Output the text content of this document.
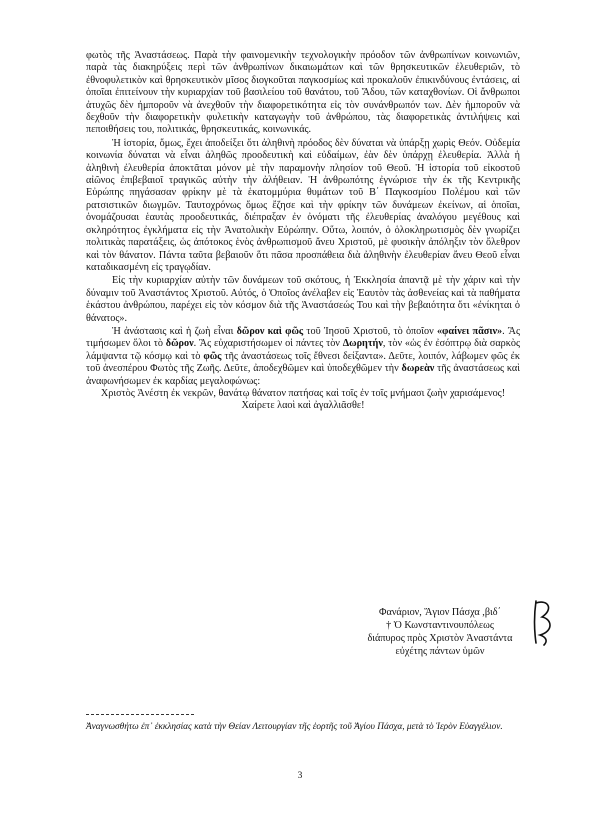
φωτὸς τῆς Ἀναστάσεως. Παρὰ τὴν φαινομενικὴν τεχνολογικὴν πρόοδον τῶν ἀνθρωπίνων κοινωνιῶν, παρὰ τὰς διακηρύξεις περὶ τῶν ἀνθρωπίνων δικαιωμάτων καὶ τῶν θρησκευτικῶν ἐλευθεριῶν, τὸ ἐθνοφυλετικὸν καὶ θρησκευτικὸν μῖσος διογκοῦται παγκοσμίως καὶ προκαλοῦν ἐπικινδύνους ἐντάσεις, αἱ ὁποῖαι ἐπιτείνουν τὴν κυριαρχίαν τοῦ βασιλείου τοῦ θανάτου, τοῦ Ἅδου, τῶν καταχθονίων. Οἱ ἄνθρωποι ἀτυχῶς δὲν ἠμπορoῦν νὰ ἀνεχθοῦν τὴν διαφορετικότητα εἰς τὸν συνάνθρωπόν των. Δὲν ἠμποροῦν νὰ δεχθοῦν τὴν διαφορετικὴν φυλετικὴν καταγωγὴν τοῦ ἀνθρώπου, τὰς διαφορετικὰς ἀντιλήψεις καὶ πεποιθήσεις του, πολιτικάς, θρησκευτικάς, κοινωνικάς.

Ἡ ἱστορία, ὅμως, ἔχει ἀποδείξει ὅτι ἀληθινὴ πρόοδος δὲν δύναται νὰ ὑπάρξῃ χωρὶς Θεόν. Οὐδεμία κοινωνία δύναται νὰ εἶναι ἀληθῶς προοδευτικὴ καὶ εὐδαίμων, ἐὰν δὲν ὑπάρχῃ ἐλευθερία. Ἀλλὰ ἡ ἀληθινὴ ἐλευθερία ἀποκτᾶται μόνον μὲ τὴν παραμονὴν πλησίον τοῦ Θεοῦ. Ἡ ἱστορία τοῦ εἰκοστοῦ αἰῶνος ἐπιβεβαιοῖ τραγικῶς αὐτὴν τὴν ἀλήθειαν. Ἡ ἀνθρωπότης ἐγνώρισε τὴν ἐκ τῆς Κεντρικῆς Εὐρώπης πηγάσασαν φρίκην μὲ τὰ ἑκατομμύρια θυμάτων τοῦ Β΄ Παγκοσμίου Πολέμου καὶ τῶν ρατσιστικῶν διωγμῶν. Ταυτοχρόνως ὅμως ἔζησε καὶ τὴν φρίκην τῶν δυνάμεων ἐκείνων, αἱ ὁποῖαι, ὀνομάζουσαι ἑαυτὰς προοδευτικάς, διέπραξαν ἐν ὀνόματι τῆς ἐλευθερίας ἀναλόγου μεγέθους καὶ σκληρότητος ἐγκλήματα εἰς τὴν Ἀνατολικὴν Εὐρώπην. Οὕτω, λοιπόν, ὁ ὁλοκληρωτισμὸς δὲν γνωρίζει πολιτικὰς παρατάξεις, ὡς ἀπότοκος ἑνὸς ἀνθρωπισμοῦ ἄνευ Χριστοῦ, μὲ φυσικὴν ἀπόληξιν τὸν ὄλεθρον καὶ τὸν θάνατον. Πάντα ταῦτα βεβαιοῦν ὅτι πᾶσα προσπάθεια διὰ ἀληθινὴν ἐλευθερίαν ἄνευ Θεοῦ εἶναι καταδικασμένη εἰς τραγῳδίαν.

Εἰς τὴν κυριαρχίαν αὐτὴν τῶν δυνάμεων τοῦ σκότους, ἡ Ἐκκλησία ἀπαντᾷ μὲ τὴν χάριν καὶ τὴν δύναμιν τοῦ Ἀναστάντος Χριστοῦ. Αὐτός, ὁ Ὁποῖος ἀνέλαβεν εἰς Ἑαυτὸν τὰς ἀσθενείας καὶ τὰ παθήματα ἑκάστου ἀνθρώπου, παρέχει εἰς τὸν κόσμον διὰ τῆς Ἀναστάσεώς Του καὶ τὴν βεβαιότητα ὅτι «ἐνίκηται ὁ θάνατος».

Ἡ ἀνάστασις καὶ ἡ ζωὴ εἶναι δῶρον καὶ φῶς τοῦ Ἰησοῦ Χριστοῦ, τὸ ὁποῖον «φαίνει πᾶσιν». Ἂς τιμήσωμεν ὅλοι τὸ δῶρον. Ἂς εὐχαριστήσωμεν οἱ πάντες τὸν Δωρητήν, τὸν «ὡς ἐν ἐσόπτρῳ διὰ σαρκὸς λάμψαντα τῷ κόσμῳ καὶ τὸ φῶς τῆς ἀναστάσεως τοῖς ἔθνεσι δείξαντα». Δεῦτε, λοιπόν, λάβωμεν φῶς ἐκ τοῦ ἀνεσπέρου Φωτὸς τῆς Ζωῆς. Δεῦτε, ἀποδεχθῶμεν καὶ ὑποδεχθῶμεν τὴν δωρεὰν τῆς ἀναστάσεως καὶ ἀναφωνήσωμεν ἐκ καρδίας μεγαλοφώνως:

Χριστὸς Ἀνέστη ἐκ νεκρῶν, θανάτῳ θάνατον πατήσας καὶ τοῖς ἐν τοῖς μνήμασι ζωὴν χαρισάμενος! Χαίρετε λαοὶ καὶ ἀγαλλιᾶσθε!

Φανάριον, Ἅγιον Πάσχα ,βιδ΄
† Ὁ Κωνσταντινουπόλεως
διάπυρος πρὸς Χριστὸν Ἀναστάντα
εὐχέτης πάντων ὑμῶν
Ἀναγνωσθήτω ἐπ᾽ ἐκκλησίας κατὰ τὴν Θείαν Λειτουργίαν τῆς ἑορτῆς τοῦ Ἁγίου Πάσχα, μετὰ τὸ Ἱερὸν Εὐαγγέλιον.
3
